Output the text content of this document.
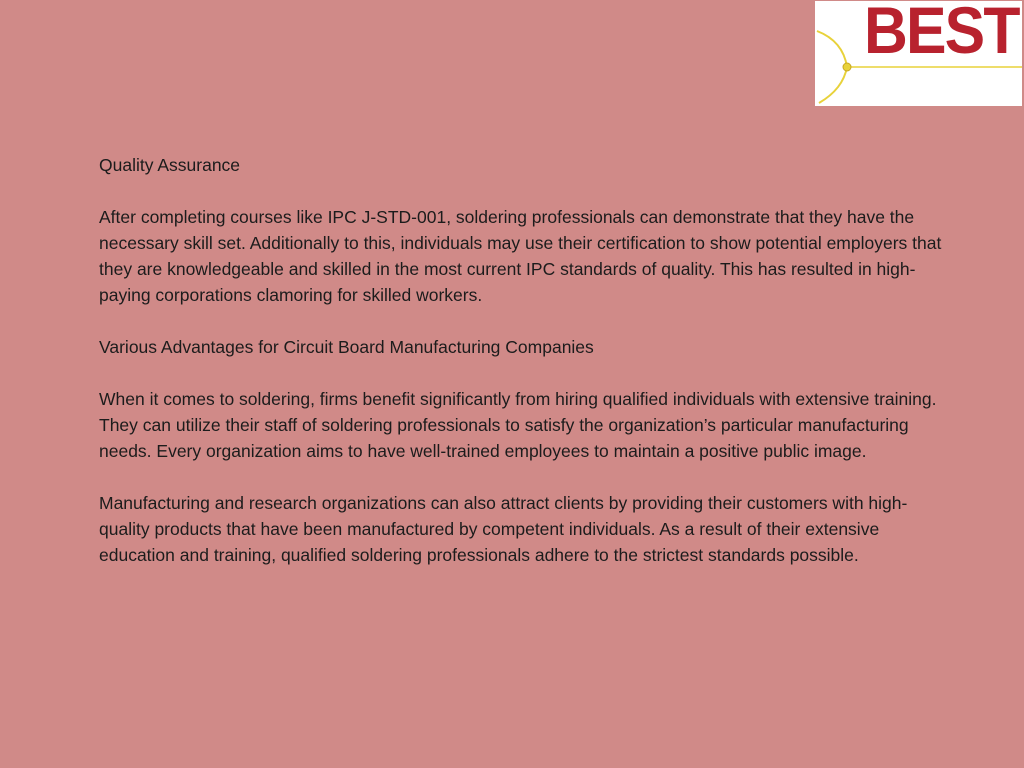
BEST

Quality Assurance

After completing courses like IPC J-STD-001, soldering professionals can demonstrate that they have the necessary skill set. Additionally to this, individuals may use their certification to show potential employers that they are knowledgeable and skilled in the most current IPC standards of quality. This has resulted in high-paying corporations clamoring for skilled workers.

Various Advantages for Circuit Board Manufacturing Companies

When it comes to soldering, firms benefit significantly from hiring qualified individuals with extensive training. They can utilize their staff of soldering professionals to satisfy the organization’s particular manufacturing needs. Every organization aims to have well-trained employees to maintain a positive public image.

Manufacturing and research organizations can also attract clients by providing their customers with high-quality products that have been manufactured by competent individuals. As a result of their extensive education and training, qualified soldering professionals adhere to the strictest standards possible.
